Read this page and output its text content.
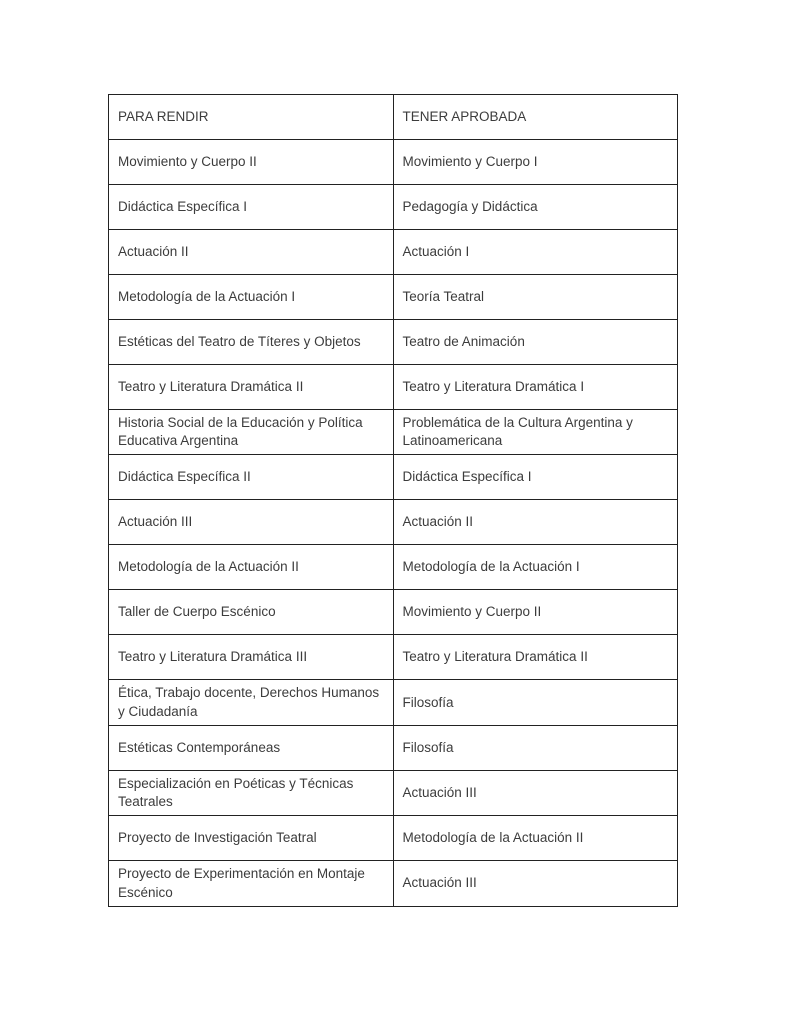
PARA RENDIR	TENER APROBADA
Movimiento y Cuerpo II	Movimiento y Cuerpo I
Didáctica Específica I	Pedagogía y Didáctica
Actuación II	Actuación I
Metodología de la Actuación I	Teoría Teatral
Estéticas del Teatro de Títeres y Objetos	Teatro de Animación
Teatro y Literatura Dramática II	Teatro y Literatura Dramática I
Historia Social de la Educación y Política Educativa Argentina	Problemática de la Cultura Argentina y Latinoamericana
Didáctica Específica II	Didáctica Específica I
Actuación III	Actuación II
Metodología de la Actuación II	Metodología de la Actuación I
Taller de Cuerpo Escénico	Movimiento y Cuerpo II
Teatro y Literatura Dramática III	Teatro y Literatura Dramática II
Ética, Trabajo docente, Derechos Humanos y Ciudadanía	Filosofía
Estéticas Contemporáneas	Filosofía
Especialización en Poéticas y Técnicas Teatrales	Actuación III
Proyecto de Investigación Teatral	Metodología de la Actuación II
Proyecto de Experimentación en Montaje Escénico	Actuación III
